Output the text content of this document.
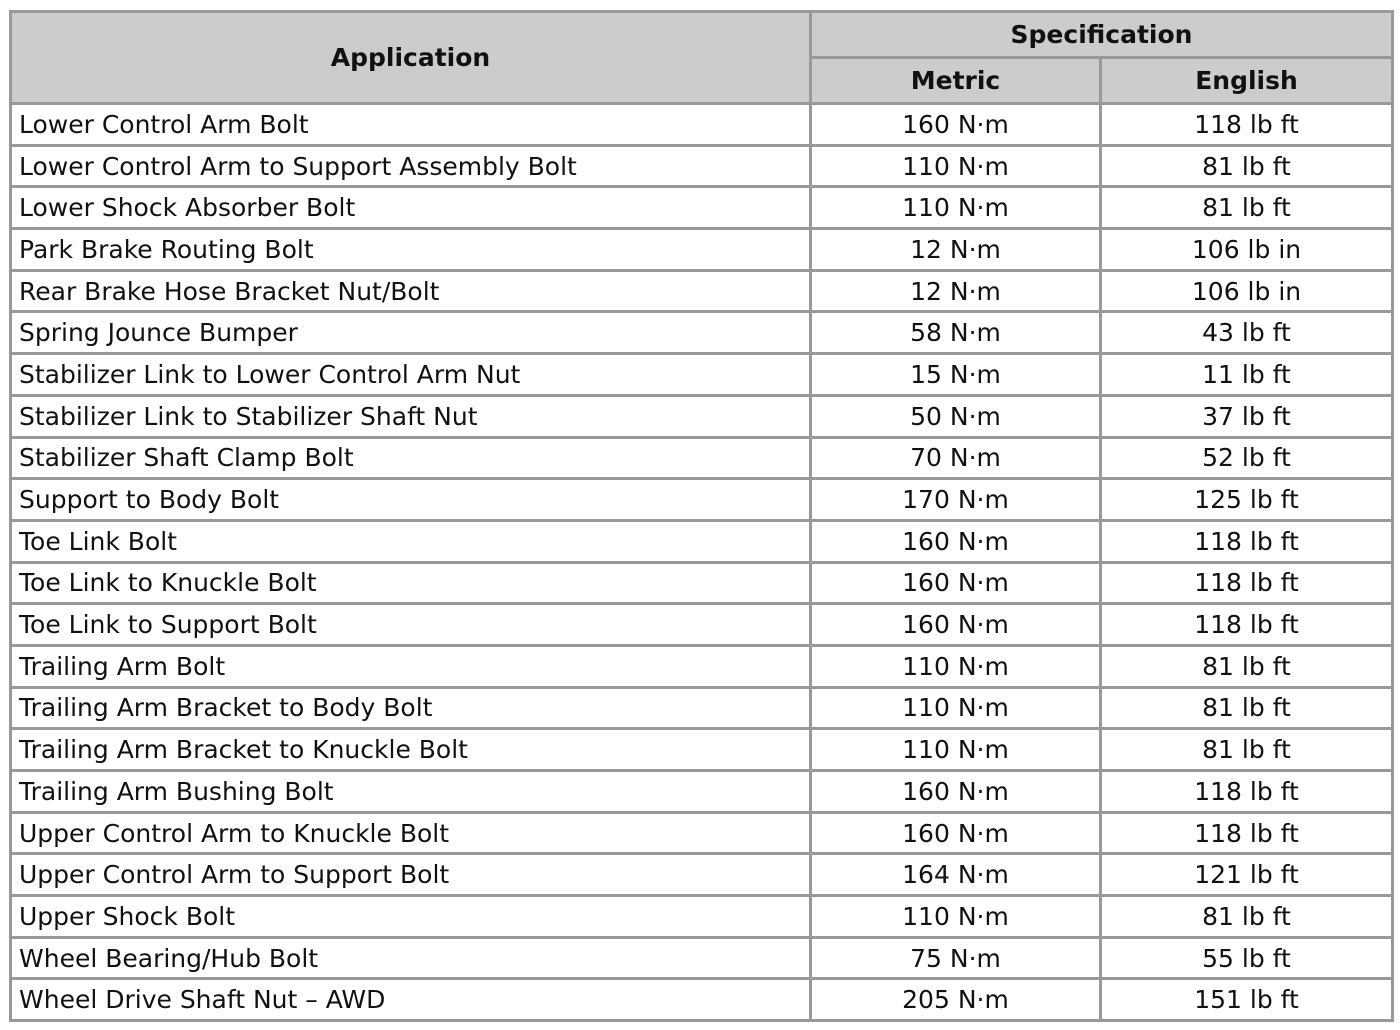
Application	Specification	
	Metric	English
Lower Control Arm Bolt	160 N·m	118 lb ft
Lower Control Arm to Support Assembly Bolt	110 N·m	81 lb ft
Lower Shock Absorber Bolt	110 N·m	81 lb ft
Park Brake Routing Bolt	12 N·m	106 lb in
Rear Brake Hose Bracket Nut/Bolt	12 N·m	106 lb in
Spring Jounce Bumper	58 N·m	43 lb ft
Stabilizer Link to Lower Control Arm Nut	15 N·m	11 lb ft
Stabilizer Link to Stabilizer Shaft Nut	50 N·m	37 lb ft
Stabilizer Shaft Clamp Bolt	70 N·m	52 lb ft
Support to Body Bolt	170 N·m	125 lb ft
Toe Link Bolt	160 N·m	118 lb ft
Toe Link to Knuckle Bolt	160 N·m	118 lb ft
Toe Link to Support Bolt	160 N·m	118 lb ft
Trailing Arm Bolt	110 N·m	81 lb ft
Trailing Arm Bracket to Body Bolt	110 N·m	81 lb ft
Trailing Arm Bracket to Knuckle Bolt	110 N·m	81 lb ft
Trailing Arm Bushing Bolt	160 N·m	118 lb ft
Upper Control Arm to Knuckle Bolt	160 N·m	118 lb ft
Upper Control Arm to Support Bolt	164 N·m	121 lb ft
Upper Shock Bolt	110 N·m	81 lb ft
Wheel Bearing/Hub Bolt	75 N·m	55 lb ft
Wheel Drive Shaft Nut – AWD	205 N·m	151 lb ft
